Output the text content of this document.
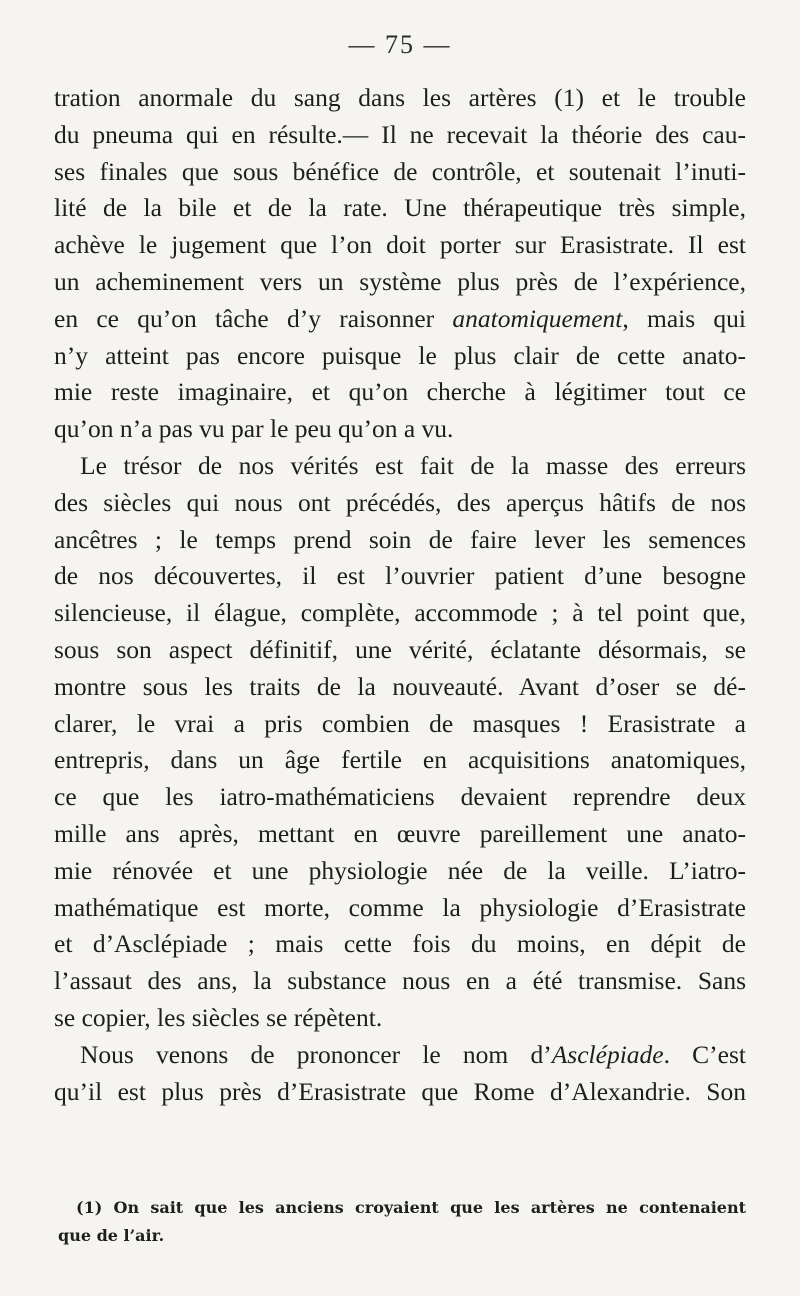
— 75 —
tration anormale du sang dans les artères (1) et le trouble
du pneuma qui en résulte.— Il ne recevait la théorie des cau-
ses finales que sous bénéfice de contrôle, et soutenait l’inuti-
lité de la bile et de la rate. Une thérapeutique très simple,
achève le jugement que l’on doit porter sur Erasistrate. Il est
un acheminement vers un système plus près de l’expérience,
en ce qu’on tâche d’y raisonner anatomiquement, mais qui
n’y atteint pas encore puisque le plus clair de cette anato-
mie reste imaginaire, et qu’on cherche à légitimer tout ce
qu’on n’a pas vu par le peu qu’on a vu.
Le trésor de nos vérités est fait de la masse des erreurs
des siècles qui nous ont précédés, des aperçus hâtifs de nos
ancêtres ; le temps prend soin de faire lever les semences
de nos découvertes, il est l’ouvrier patient d’une besogne
silencieuse, il élague, complète, accommode ; à tel point que,
sous son aspect définitif, une vérité, éclatante désormais, se
montre sous les traits de la nouveauté. Avant d’oser se dé-
clarer, le vrai a pris combien de masques ! Erasistrate a
entrepris, dans un âge fertile en acquisitions anatomiques,
ce que les iatro-mathématiciens devaient reprendre deux
mille ans après, mettant en œuvre pareillement une anato-
mie rénovée et une physiologie née de la veille. L’iatro-
mathématique est morte, comme la physiologie d’Erasistrate
et d’Asclépiade ; mais cette fois du moins, en dépit de
l’assaut des ans, la substance nous en a été transmise. Sans
se copier, les siècles se répètent.
Nous venons de prononcer le nom d’Asclépiade. C’est
qu’il est plus près d’Erasistrate que Rome d’Alexandrie. Son
(1) On sait que les anciens croyaient que les artères ne contenaient
que de l’air.
